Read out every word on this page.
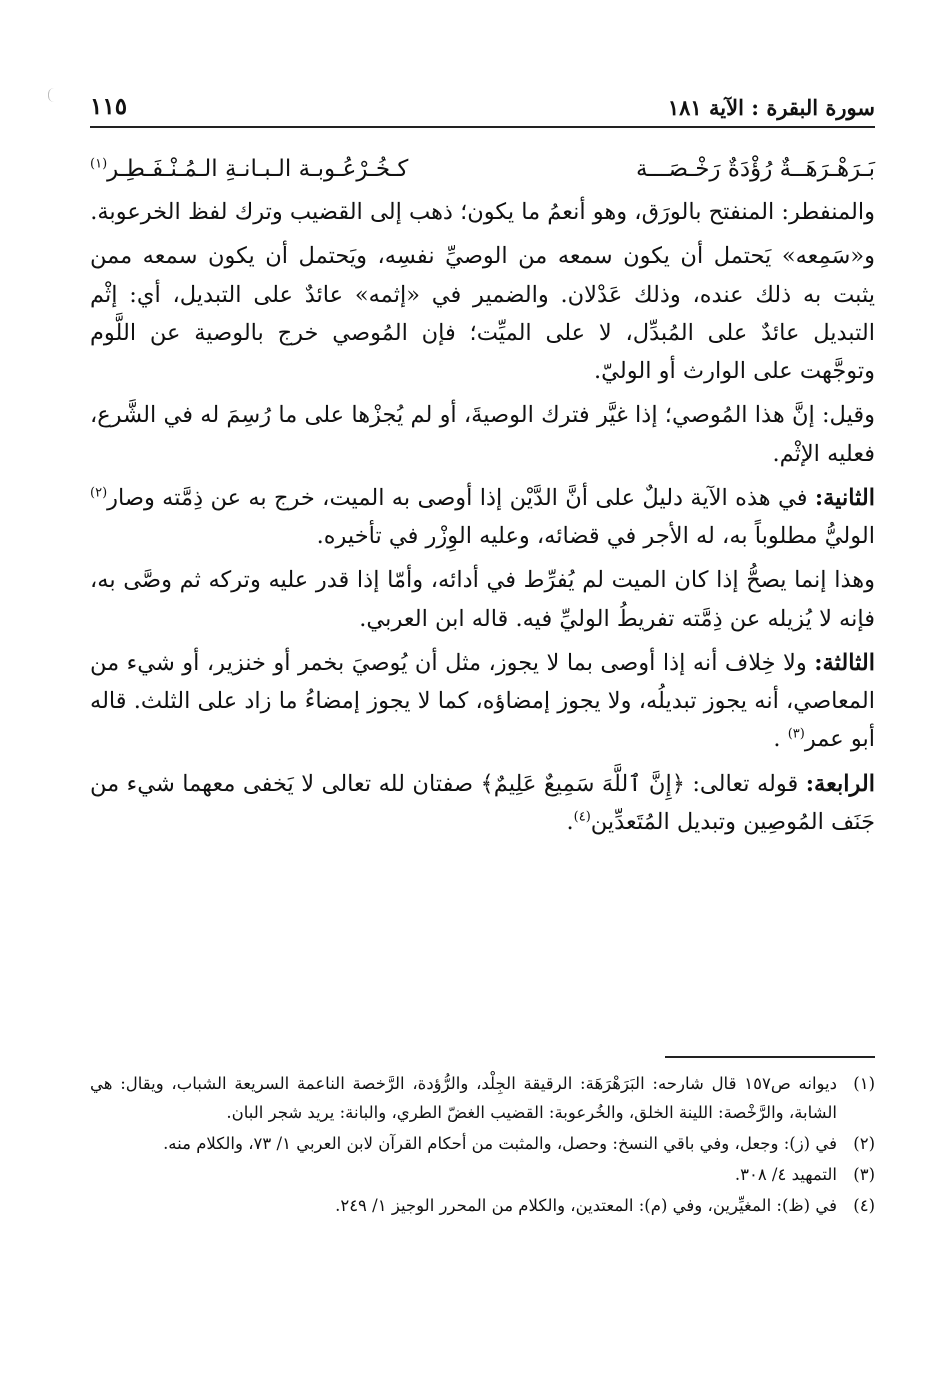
سورة البقرة : الآية ١٨١
١١٥
بَـرَهْـرَهَــةٌ رُؤْدَةٌ رَخْـصَـــة
كـخُـرْعُـوبـة الـبـانـةِ الـمُـنْـفَـطِـر$^{(١)}$

والمنفطر: المنفتح بالورَق، وهو أنعمُ ما يكون؛ ذهب إلى القضيب وترك لفظ الخرعوبة.

و«سَمِعه» يَحتمل أن يكون سمعه من الوصيِّ نفسِه، ويَحتمل أن يكون سمعه ممن يثبت به ذلك عنده، وذلك عَدْلان. والضمير في «إثمه» عائدٌ على التبديل، أي: إثْم التبديل عائدٌ على المُبدِّل، لا على الميِّت؛ فإن المُوصي خرج بالوصية عن اللَّوم وتوجَّهت على الوارث أو الوليّ.

وقيل: إنَّ هذا المُوصي؛ إذا غيَّر فترك الوصيةَ، أو لم يُجزْها على ما رُسِمَ له في الشَّرع، فعليه الإثْم.

الثانية: في هذه الآية دليلٌ على أنَّ الدَّيْن إذا أوصى به الميت، خرج به عن ذِمَّته وصار$^{(٢)}$ الوليُّ مطلوباً به، له الأجر في قضائه، وعليه الوِزْر في تأخيره.

وهذا إنما يصحُّ إذا كان الميت لم يُفرِّط في أدائه، وأمّا إذا قدر عليه وتركه ثم وصَّى به، فإنه لا يُزيله عن ذِمَّته تفريطُ الوليِّ فيه. قاله ابن العربي.

الثالثة: ولا خِلاف أنه إذا أوصى بما لا يجوز، مثل أن يُوصيَ بخمر أو خنزير، أو شيء من المعاصي، أنه يجوز تبديلُه، ولا يجوز إمضاؤه، كما لا يجوز إمضاءُ ما زاد على الثلث. قاله أبو عمر$^{(٣)}$ .

الرابعة: قوله تعالى: ﴿إِنَّ ٱللَّهَ سَمِيعٌ عَلِيمٌ﴾ صفتان لله تعالى لا يَخفى معهما شيء من جَنَف المُوصِين وتبديل المُتَعدِّين$^{(٤)}$.

(١)
ديوانه ص١٥٧ قال شارحه: البَرَهْرَهَة: الرقيقة الجِلْد، والرُّؤدة، الرَّخصة الناعمة السريعة الشباب، ويقال: هي الشابة، والرَّخْصة: اللينة الخلق، والخُرعوبة: القضيب الغضّ الطري، والبانة: يريد شجر البان.
(٢)
في (ز): وجعل، وفي باقي النسخ: وحصل، والمثبت من أحكام القرآن لابن العربي ١/ ٧٣، والكلام منه.
(٣)
التمهيد ٤/ ٣٠٨.
(٤)
في (ظ): المغيِّرين، وفي (م): المعتدين، والكلام من المحرر الوجيز ١/ ٢٤٩.
